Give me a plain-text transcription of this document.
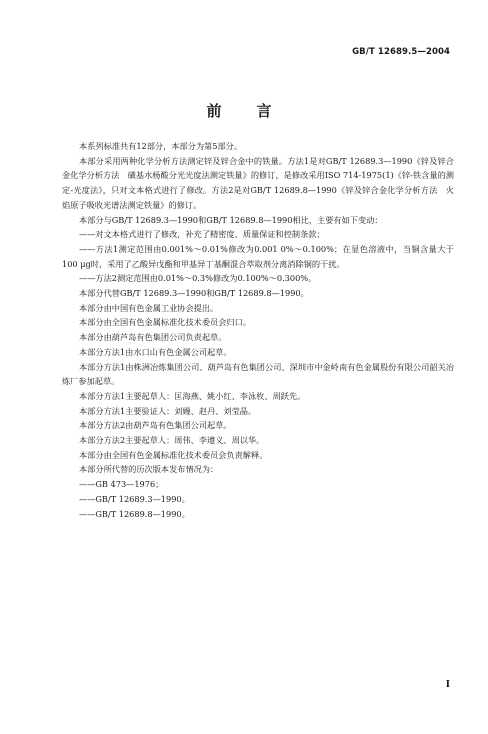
GB/T 12689.5—2004
前　言

本系列标准共有12部分，本部分为第5部分。

本部分采用两种化学分析方法测定锌及锌合金中的铁量。方法1是对GB/T 12689.3—1990《锌及锌合金化学分析方法　磺基水杨酸分光光度法测定铁量》的修订，是修改采用ISO 714-1975(1)《锌-铁含量的测定-光度法》，只对文本格式进行了修改。方法2是对GB/T 12689.8—1990《锌及锌合金化学分析方法　火焰原子吸收光谱法测定铁量》的修订。

本部分与GB/T 12689.3—1990和GB/T 12689.8—1990相比，主要有如下变动：

——对文本格式进行了修改，补充了精密度、质量保证和控制条款；

——方法1测定范围由0.001%～0.01%修改为0.001 0%～0.100%；在显色溶液中，当铜含量大于100 μg时，采用了乙酸异戊酯和甲基异丁基酮混合萃取剂分离消除铜的干扰。

——方法2测定范围由0.01%～0.3%修改为0.100%～0.300%。

本部分代替GB/T 12689.3—1990和GB/T 12689.8—1990。

本部分由中国有色金属工业协会提出。

本部分由全国有色金属标准化技术委员会归口。

本部分由葫芦岛有色集团公司负责起草。

本部分方法1由水口山有色金属公司起草。

本部分方法1由株洲冶炼集团公司、葫芦岛有色集团公司、深圳市中金岭南有色金属股份有限公司韶关冶炼厂参加起草。

本部分方法1主要起草人：匡海燕、姚小红、李泳枚、周跃先。

本部分方法1主要验证人：刘嫚、赵丹、刘莹晶。

本部分方法2由葫芦岛有色集团公司起草。

本部分方法2主要起草人：周伟、李遵义、周以华。

本部分由全国有色金属标准化技术委员会负责解释。

本部分所代替的历次版本发布情况为：

——GB 473—1976；

——GB/T 12689.3—1990。

——GB/T 12689.8—1990。

Ⅰ
